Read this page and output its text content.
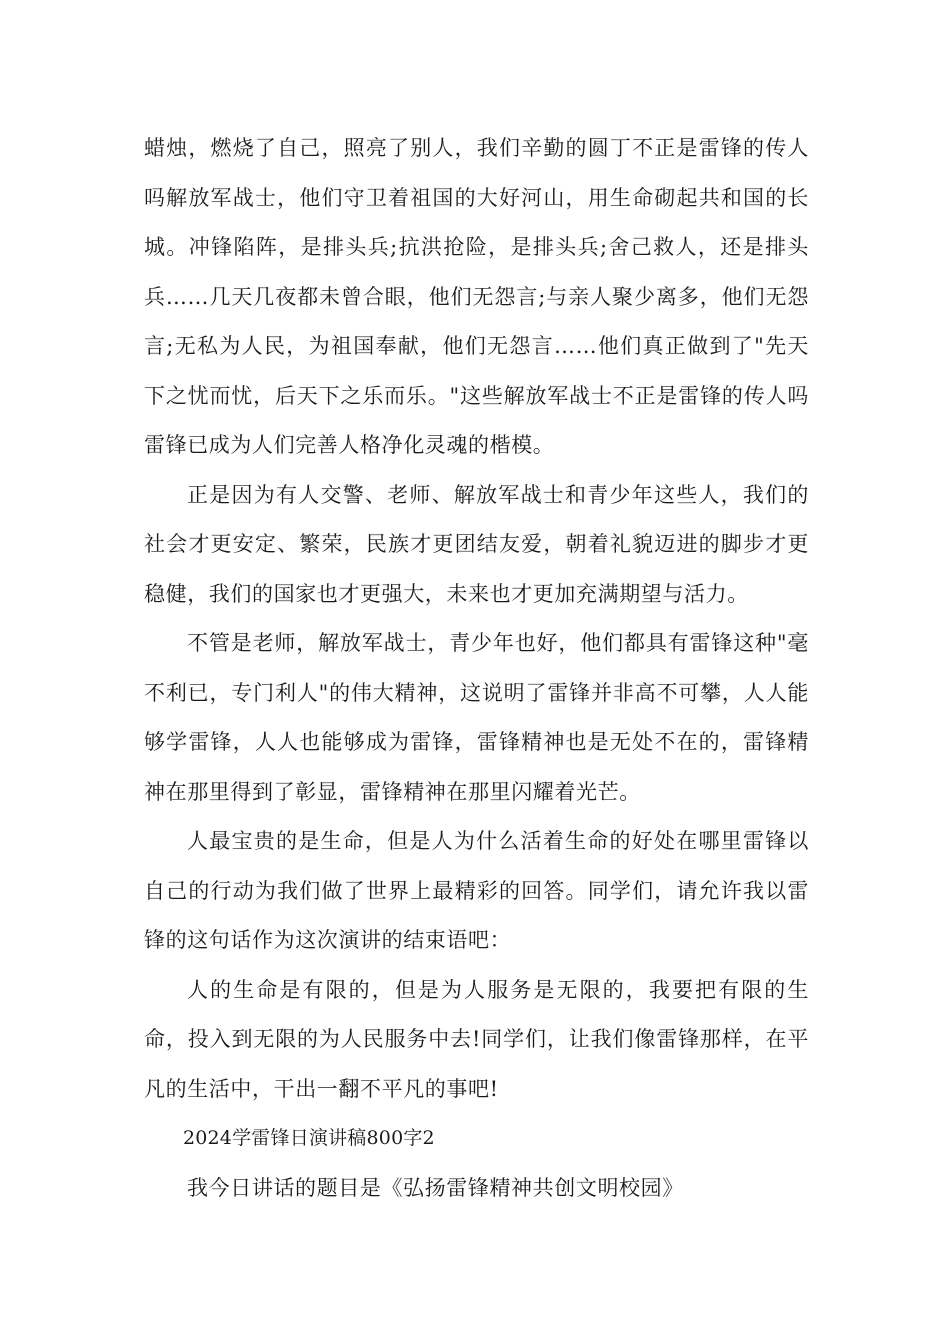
蜡烛，燃烧了自己，照亮了别人，我们辛勤的圆丁不正是雷锋的传人吗解放军战士，他们守卫着祖国的大好河山，用生命砌起共和国的长城。冲锋陷阵，是排头兵;抗洪抢险，是排头兵;舍己救人，还是排头兵……几天几夜都未曾合眼，他们无怨言;与亲人聚少离多，他们无怨言;无私为人民，为祖国奉献，他们无怨言……他们真正做到了"先天下之忧而忧，后天下之乐而乐。"这些解放军战士不正是雷锋的传人吗雷锋已成为人们完善人格净化灵魂的楷模。

正是因为有人交警、老师、解放军战士和青少年这些人，我们的社会才更安定、繁荣，民族才更团结友爱，朝着礼貌迈进的脚步才更稳健，我们的国家也才更强大，未来也才更加充满期望与活力。

不管是老师，解放军战士，青少年也好，他们都具有雷锋这种"毫不利已，专门利人"的伟大精神，这说明了雷锋并非高不可攀，人人能够学雷锋，人人也能够成为雷锋，雷锋精神也是无处不在的，雷锋精神在那里得到了彰显，雷锋精神在那里闪耀着光芒。

人最宝贵的是生命，但是人为什么活着生命的好处在哪里雷锋以自己的行动为我们做了世界上最精彩的回答。同学们，请允许我以雷锋的这句话作为这次演讲的结束语吧：

人的生命是有限的，但是为人服务是无限的，我要把有限的生命，投入到无限的为人民服务中去!同学们，让我们像雷锋那样，在平凡的生活中，干出一翻不平凡的事吧!

2024学雷锋日演讲稿800字2

我今日讲话的题目是《弘扬雷锋精神共创文明校园》
